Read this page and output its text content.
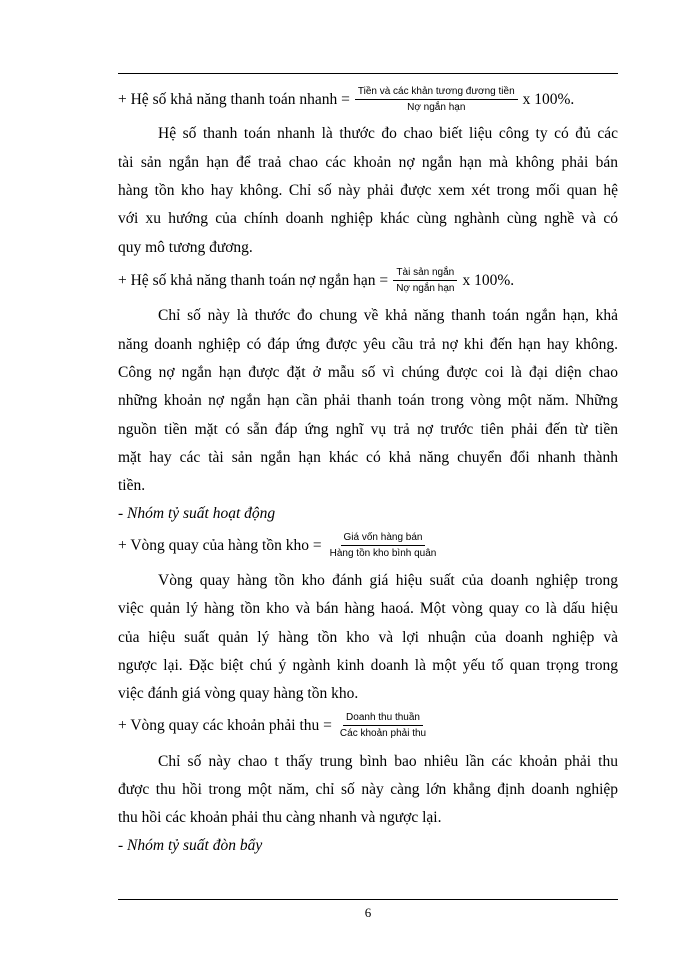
+ Hệ số khả năng thanh toán nhanh = $\frac{\text{Tiền và các khản tương đương tiền}}{\text{Nợ ngắn hạn}}$ x 100%.
Hệ số thanh toán nhanh là thước đo chao biết liệu công ty có đủ các
tài sản ngắn hạn để traả chao các khoản nợ ngắn hạn mà không phải bán
hàng tồn kho hay không. Chỉ số này phải được xem xét trong mối quan hệ
với xu hướng của chính doanh nghiệp khác cùng nghành cùng nghề và có
quy mô tương đương.
+ Hệ số khả năng thanh toán nợ ngắn hạn = $\frac{\text{Tài sản ngắn}}{\text{Nợ ngắn hạn}}$ x 100%.
Chỉ số này là thước đo chung về khả năng thanh toán ngắn hạn, khả
năng doanh nghiệp có đáp ứng được yêu cầu trả nợ khi đến hạn hay không.
Công nợ ngắn hạn được đặt ở mẫu số vì chúng được coi là đại diện chao
những khoản nợ ngắn hạn cần phải thanh toán trong vòng một năm. Những
nguồn tiền mặt có sẵn đáp ứng nghĩ vụ trả nợ trước tiên phải đến từ tiền
mặt hay các tài sản ngắn hạn khác có khả năng chuyển đổi nhanh thành
tiền.
- Nhóm tỷ suất hoạt động
+ Vòng quay của hàng tồn kho = $\frac{\text{Giá vốn hàng bán}}{\text{Hàng tồn kho bình quân}}$
Vòng quay hàng tồn kho đánh giá hiệu suất của doanh nghiệp trong
việc quản lý hàng tồn kho và bán hàng haoá. Một vòng quay co là dấu hiệu
của hiệu suất quản lý hàng tồn kho và lợi nhuận của doanh nghiệp và
ngược lại. Đặc biệt chú ý ngành kinh doanh là một yếu tố quan trọng trong
việc đánh giá vòng quay hàng tồn kho.
+ Vòng quay các khoản phải thu = $\frac{\text{Doanh thu thuần}}{\text{Các khoản phải thu}}$
Chỉ số này chao t thấy trung bình bao nhiêu lần các khoản phải thu
được thu hồi trong một năm, chỉ số này càng lớn khẳng định doanh nghiệp
thu hồi các khoản phải thu càng nhanh và ngược lại.
- Nhóm tỷ suất đòn bẩy
6
